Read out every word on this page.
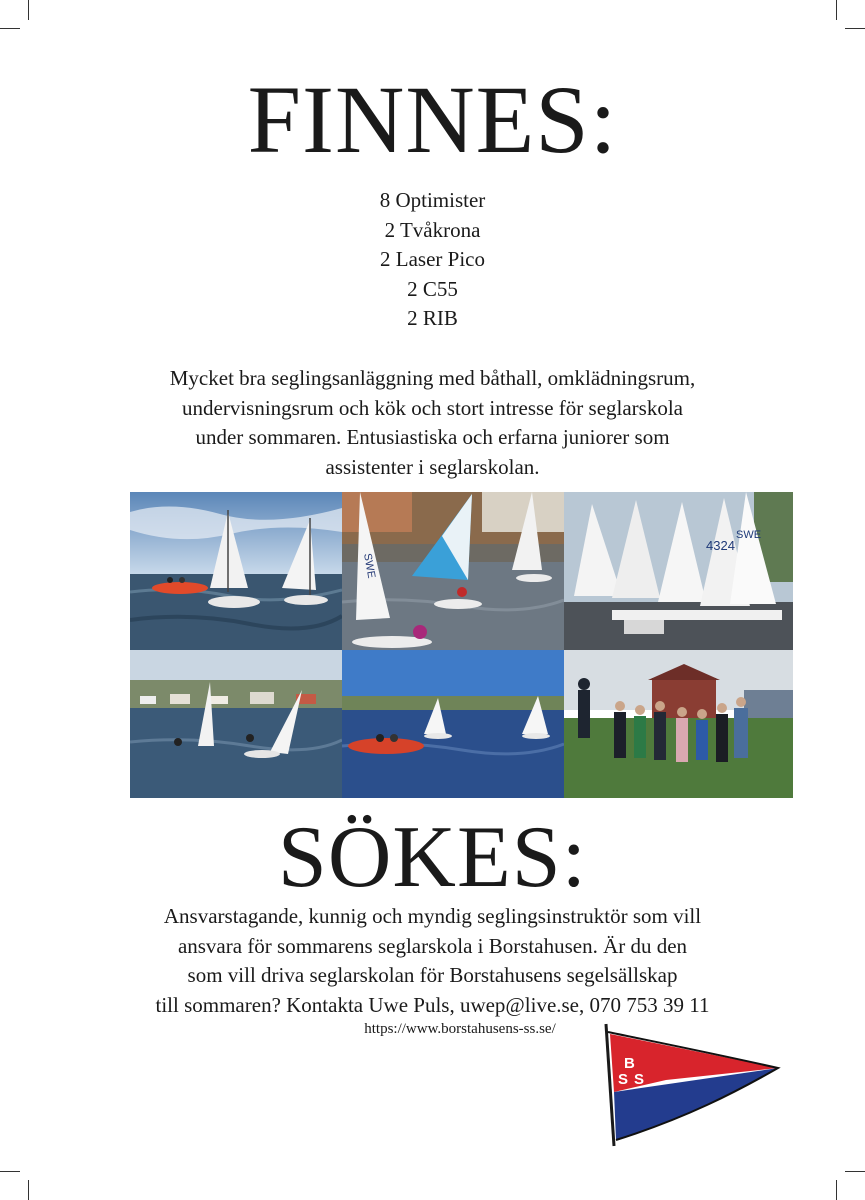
FINNES:
8 Optimister
2 Tvåkrona
2 Laser Pico
2 C55
2 RIB

Mycket bra seglingsanläggning med båthall, omklädningsrum,
undervisningsrum och kök och stort intresse för seglarskola
under sommaren. Entusiastiska och erfarna juniorer som
assistenter i seglarskolan.

SWE
4324
SWE
SÖKES:

Ansvarstagande, kunnig och myndig seglingsinstruktör som vill
ansvara för sommarens seglarskola i Borstahusen. Är du den
som vill driva seglarskolan för Borstahusens segelsällskap
till sommaren? Kontakta Uwe Puls, uwep@live.se, 070 753 39 11

https://www.borstahusens-ss.se/
B
S S
